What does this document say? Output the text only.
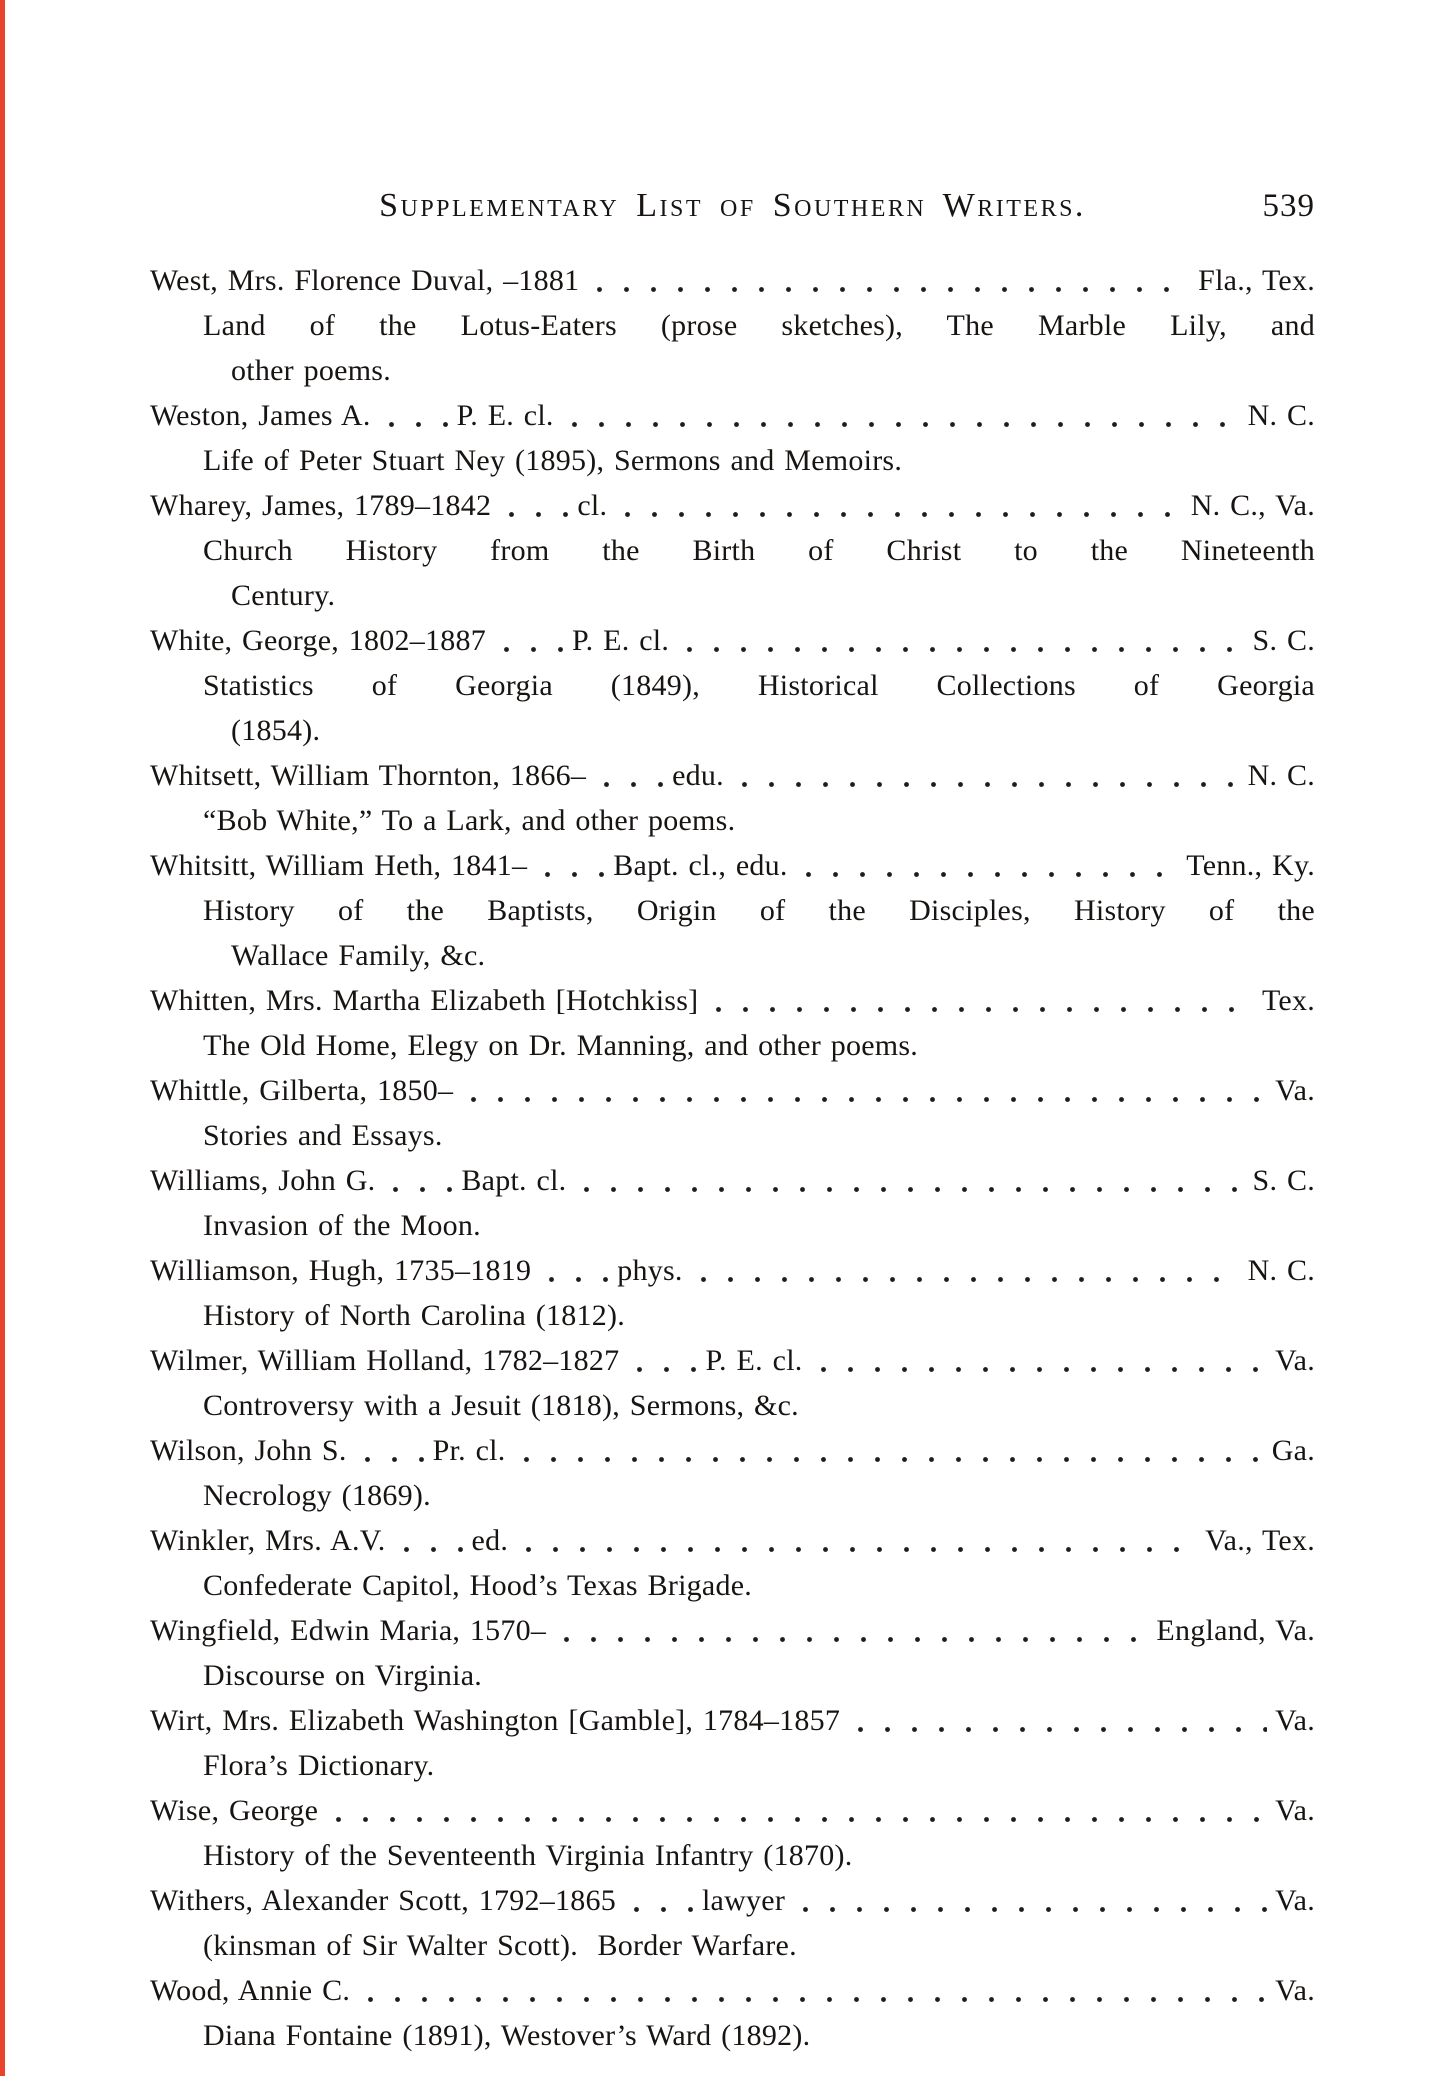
Supplementary List of Southern Writers.	539
West, Mrs. Florence Duval, –1881	Fla., Tex.
Land of the Lotus-Eaters (prose sketches), The Marble Lily, and
other poems.
Weston, James A.	P. E. cl.	N. C.
Life of Peter Stuart Ney (1895), Sermons and Memoirs.
Wharey, James, 1789–1842	cl.	N. C., Va.
Church History from the Birth of Christ to the Nineteenth
Century.
White, George, 1802–1887	P. E. cl.	S. C.
Statistics of Georgia (1849), Historical Collections of Georgia
(1854).
Whitsett, William Thornton, 1866–	edu.	N. C.
“Bob White,” To a Lark, and other poems.
Whitsitt, William Heth, 1841–	Bapt. cl., edu.	Tenn., Ky.
History of the Baptists, Origin of the Disciples, History of the
Wallace Family, &c.
Whitten, Mrs. Martha Elizabeth [Hotchkiss]	Tex.
The Old Home, Elegy on Dr. Manning, and other poems.
Whittle, Gilberta, 1850–	Va.
Stories and Essays.
Williams, John G.	Bapt. cl.	S. C.
Invasion of the Moon.
Williamson, Hugh, 1735–1819	phys.	N. C.
History of North Carolina (1812).
Wilmer, William Holland, 1782–1827	P. E. cl.	Va.
Controversy with a Jesuit (1818), Sermons, &c.
Wilson, John S.	Pr. cl.	Ga.
Necrology (1869).
Winkler, Mrs. A.V.	ed.	Va., Tex.
Confederate Capitol, Hood’s Texas Brigade.
Wingfield, Edwin Maria, 1570–	England, Va.
Discourse on Virginia.
Wirt, Mrs. Elizabeth Washington [Gamble], 1784–1857	Va.
Flora’s Dictionary.
Wise, George	Va.
History of the Seventeenth Virginia Infantry (1870).
Withers, Alexander Scott, 1792–1865	lawyer	Va.
(kinsman of Sir Walter Scott).  Border Warfare.
Wood, Annie C.	Va.
Diana Fontaine (1891), Westover’s Ward (1892).
